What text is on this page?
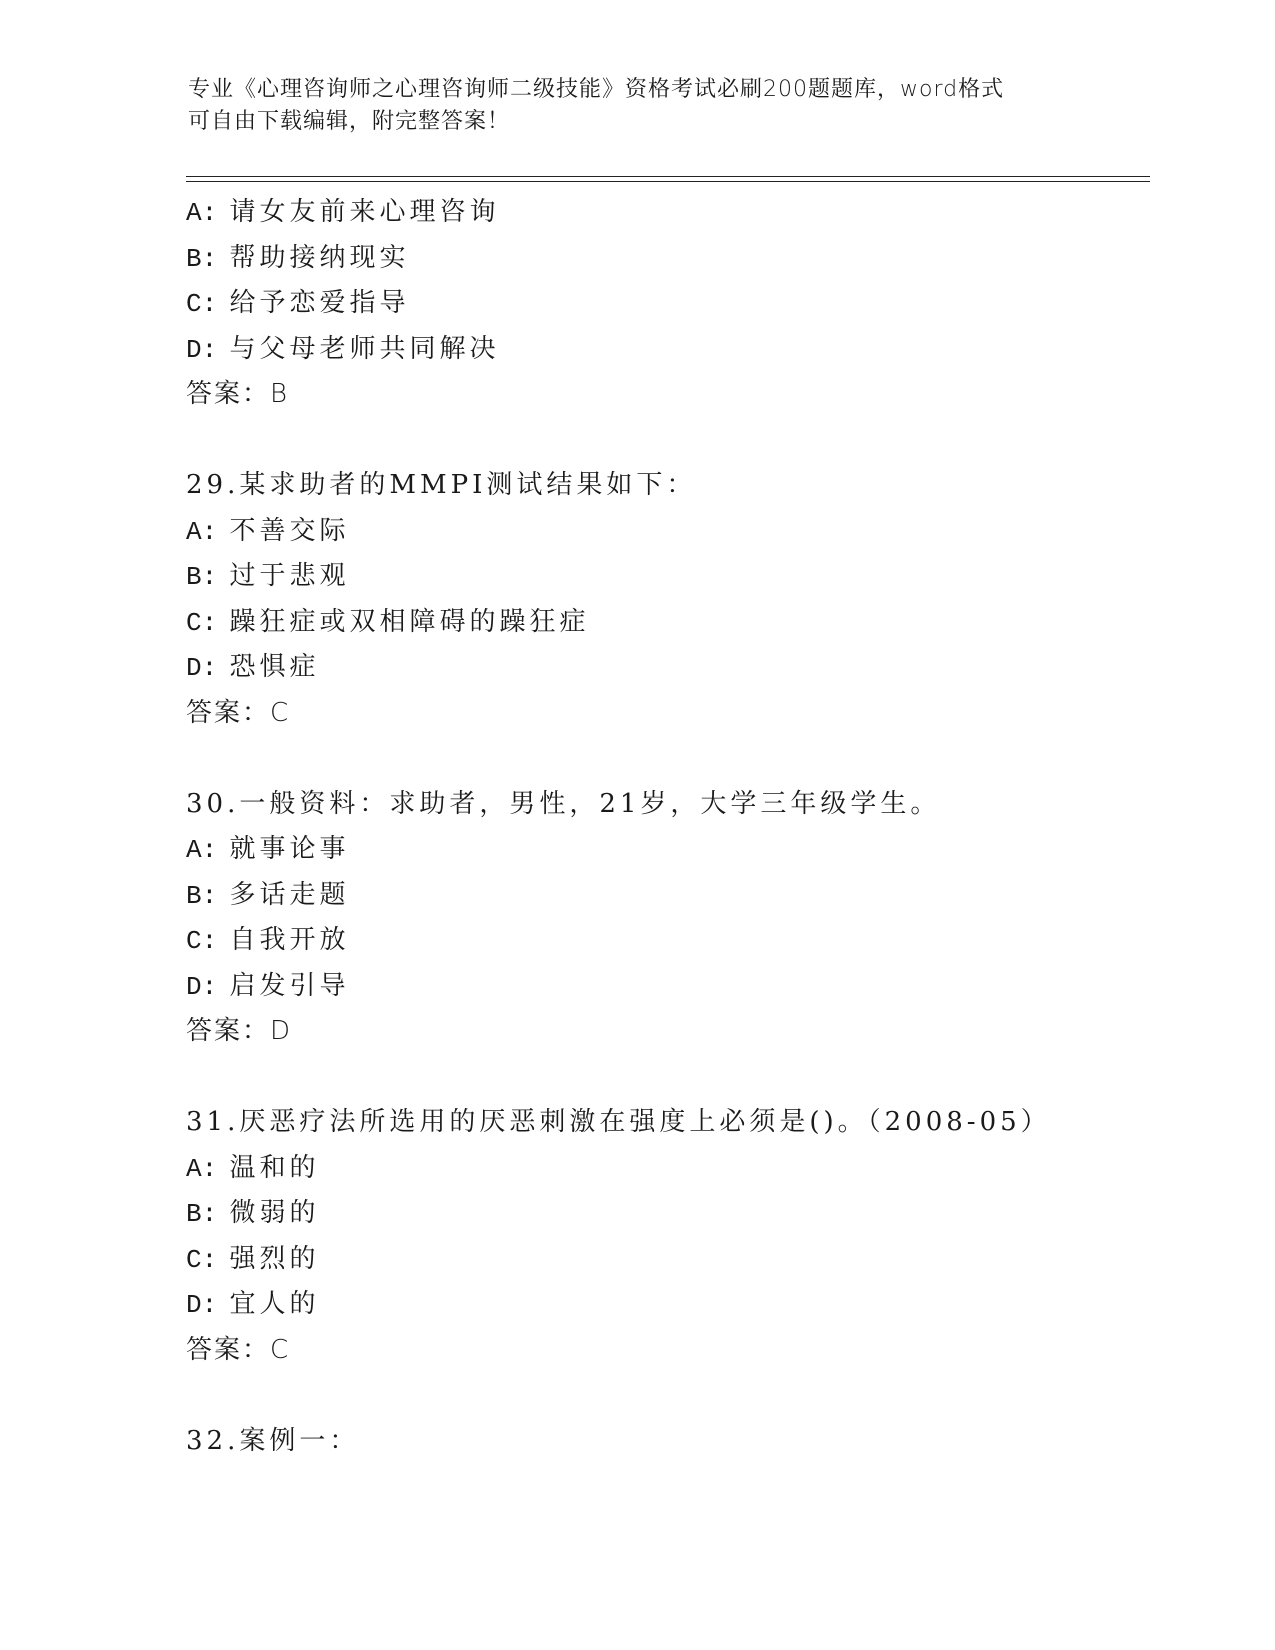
专业《心理咨询师之心理咨询师二级技能》资格考试必刷200题题库，word格式
可自由下载编辑，附完整答案！
A: 请女友前来心理咨询
B: 帮助接纳现实
C: 给予恋爱指导
D: 与父母老师共同解决
答案：B
29.某求助者的MMPI测试结果如下：
A: 不善交际
B: 过于悲观
C: 躁狂症或双相障碍的躁狂症
D: 恐惧症
答案：C
30.一般资料：求助者，男性，21岁，大学三年级学生。
A: 就事论事
B: 多话走题
C: 自我开放
D: 启发引导
答案：D
31.厌恶疗法所选用的厌恶刺激在强度上必须是()。（2008-05）
A: 温和的
B: 微弱的
C: 强烈的
D: 宜人的
答案：C
32.案例一：
